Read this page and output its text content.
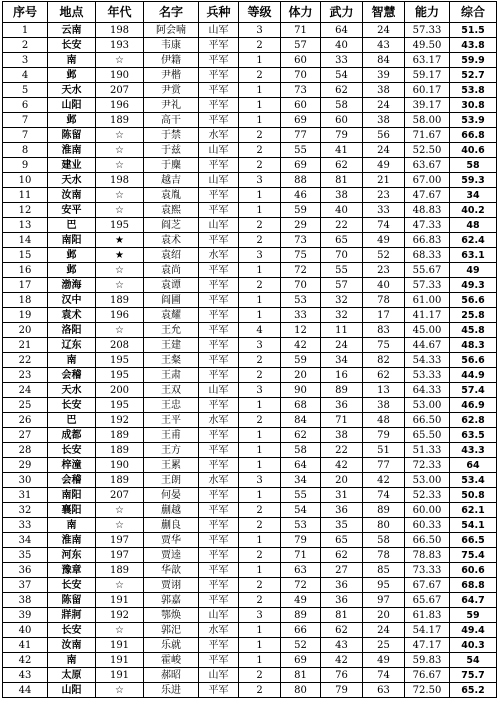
序号	地点	年代	名字	兵种	等级	体力	武力	智慧	能力	综合
1	云南	198	阿会喃	山军	3	71	64	24	57.33	51.5
2	长安	193	韦康	平军	2	57	40	43	49.50	43.8
3	南	☆	伊籍	平军	1	60	33	84	63.17	59.9
4	邺	190	尹楷	平军	2	70	54	39	59.17	52.7
5	天水	207	尹赏	平军	1	73	62	38	60.17	53.8
6	山阳	196	尹礼	平军	1	60	58	24	39.17	30.8
7	邺	189	高干	平军	1	69	60	38	58.00	53.9
7	陈留	☆	于禁	水军	2	77	79	56	71.67	66.8
8	淮南	☆	于兹	山军	2	55	41	24	52.50	40.6
9	建业	☆	于麋	平军	2	69	62	49	63.67	58
10	天水	198	越吉	山军	3	88	81	21	67.00	59.3
11	汝南	☆	袁胤	平军	1	46	38	23	47.67	34
12	安平	☆	袁熙	平军	1	59	40	33	48.83	40.2
13	巴	195	阎芝	山军	2	29	22	74	47.33	48
14	南阳	★	袁术	平军	2	73	65	49	66.83	62.4
15	邺	★	袁绍	水军	3	75	70	52	68.33	63.1
16	邺	☆	袁尚	平军	1	72	55	23	55.67	49
17	渤海	☆	袁谭	平军	2	70	57	40	57.33	49.3
18	汉中	189	阎圃	平军	1	53	32	78	61.00	56.6
19	袁术	196	袁耀	平军	1	33	32	17	41.17	25.8
20	洛阳	☆	王允	平军	4	12	11	83	45.00	45.8
21	辽东	208	王建	平军	3	42	24	75	44.67	48.3
22	南	195	王粲	平军	2	59	34	82	54.33	56.6
23	会稽	195	王肃	平军	2	20	16	62	53.33	44.9
24	天水	200	王双	山军	3	90	89	13	64.33	57.4
25	长安	195	王忠	平军	1	68	36	38	53.00	46.9
26	巴	192	王平	水军	2	84	71	48	66.50	62.8
27	成都	189	王甫	平军	1	62	38	79	65.50	63.5
28	长安	189	王方	平军	1	58	22	51	51.33	43.3
29	梓潼	190	王累	平军	1	64	42	77	72.33	64
30	会稽	189	王朗	水军	3	34	20	42	53.00	53.4
31	南阳	207	何晏	平军	1	55	31	74	52.33	50.8
32	襄阳	☆	蒯越	平军	2	54	36	89	60.00	62.1
33	南	☆	蒯良	平军	2	53	35	80	60.33	54.1
34	淮南	197	贾华	平军	1	79	65	58	66.50	66.5
35	河东	197	贾逵	平军	2	71	62	78	78.83	75.4
36	豫章	189	华歆	平军	1	63	27	85	73.33	60.6
37	长安	☆	贾诩	平军	2	72	36	95	67.67	68.8
38	陈留	191	郭嘉	平军	2	49	36	97	65.67	64.7
39	牂牁	192	鄂焕	山军	3	89	81	20	61.83	59
40	长安	☆	郭汜	水军	1	66	62	24	54.17	49.4
41	汝南	191	乐就	平军	1	52	43	25	47.17	40.3
42	南	191	霍峻	平军	1	69	42	49	59.83	54
43	太原	191	郝昭	山军	2	81	76	74	76.67	75.7
44	山阳	☆	乐进	平军	2	80	79	63	72.50	65.2
